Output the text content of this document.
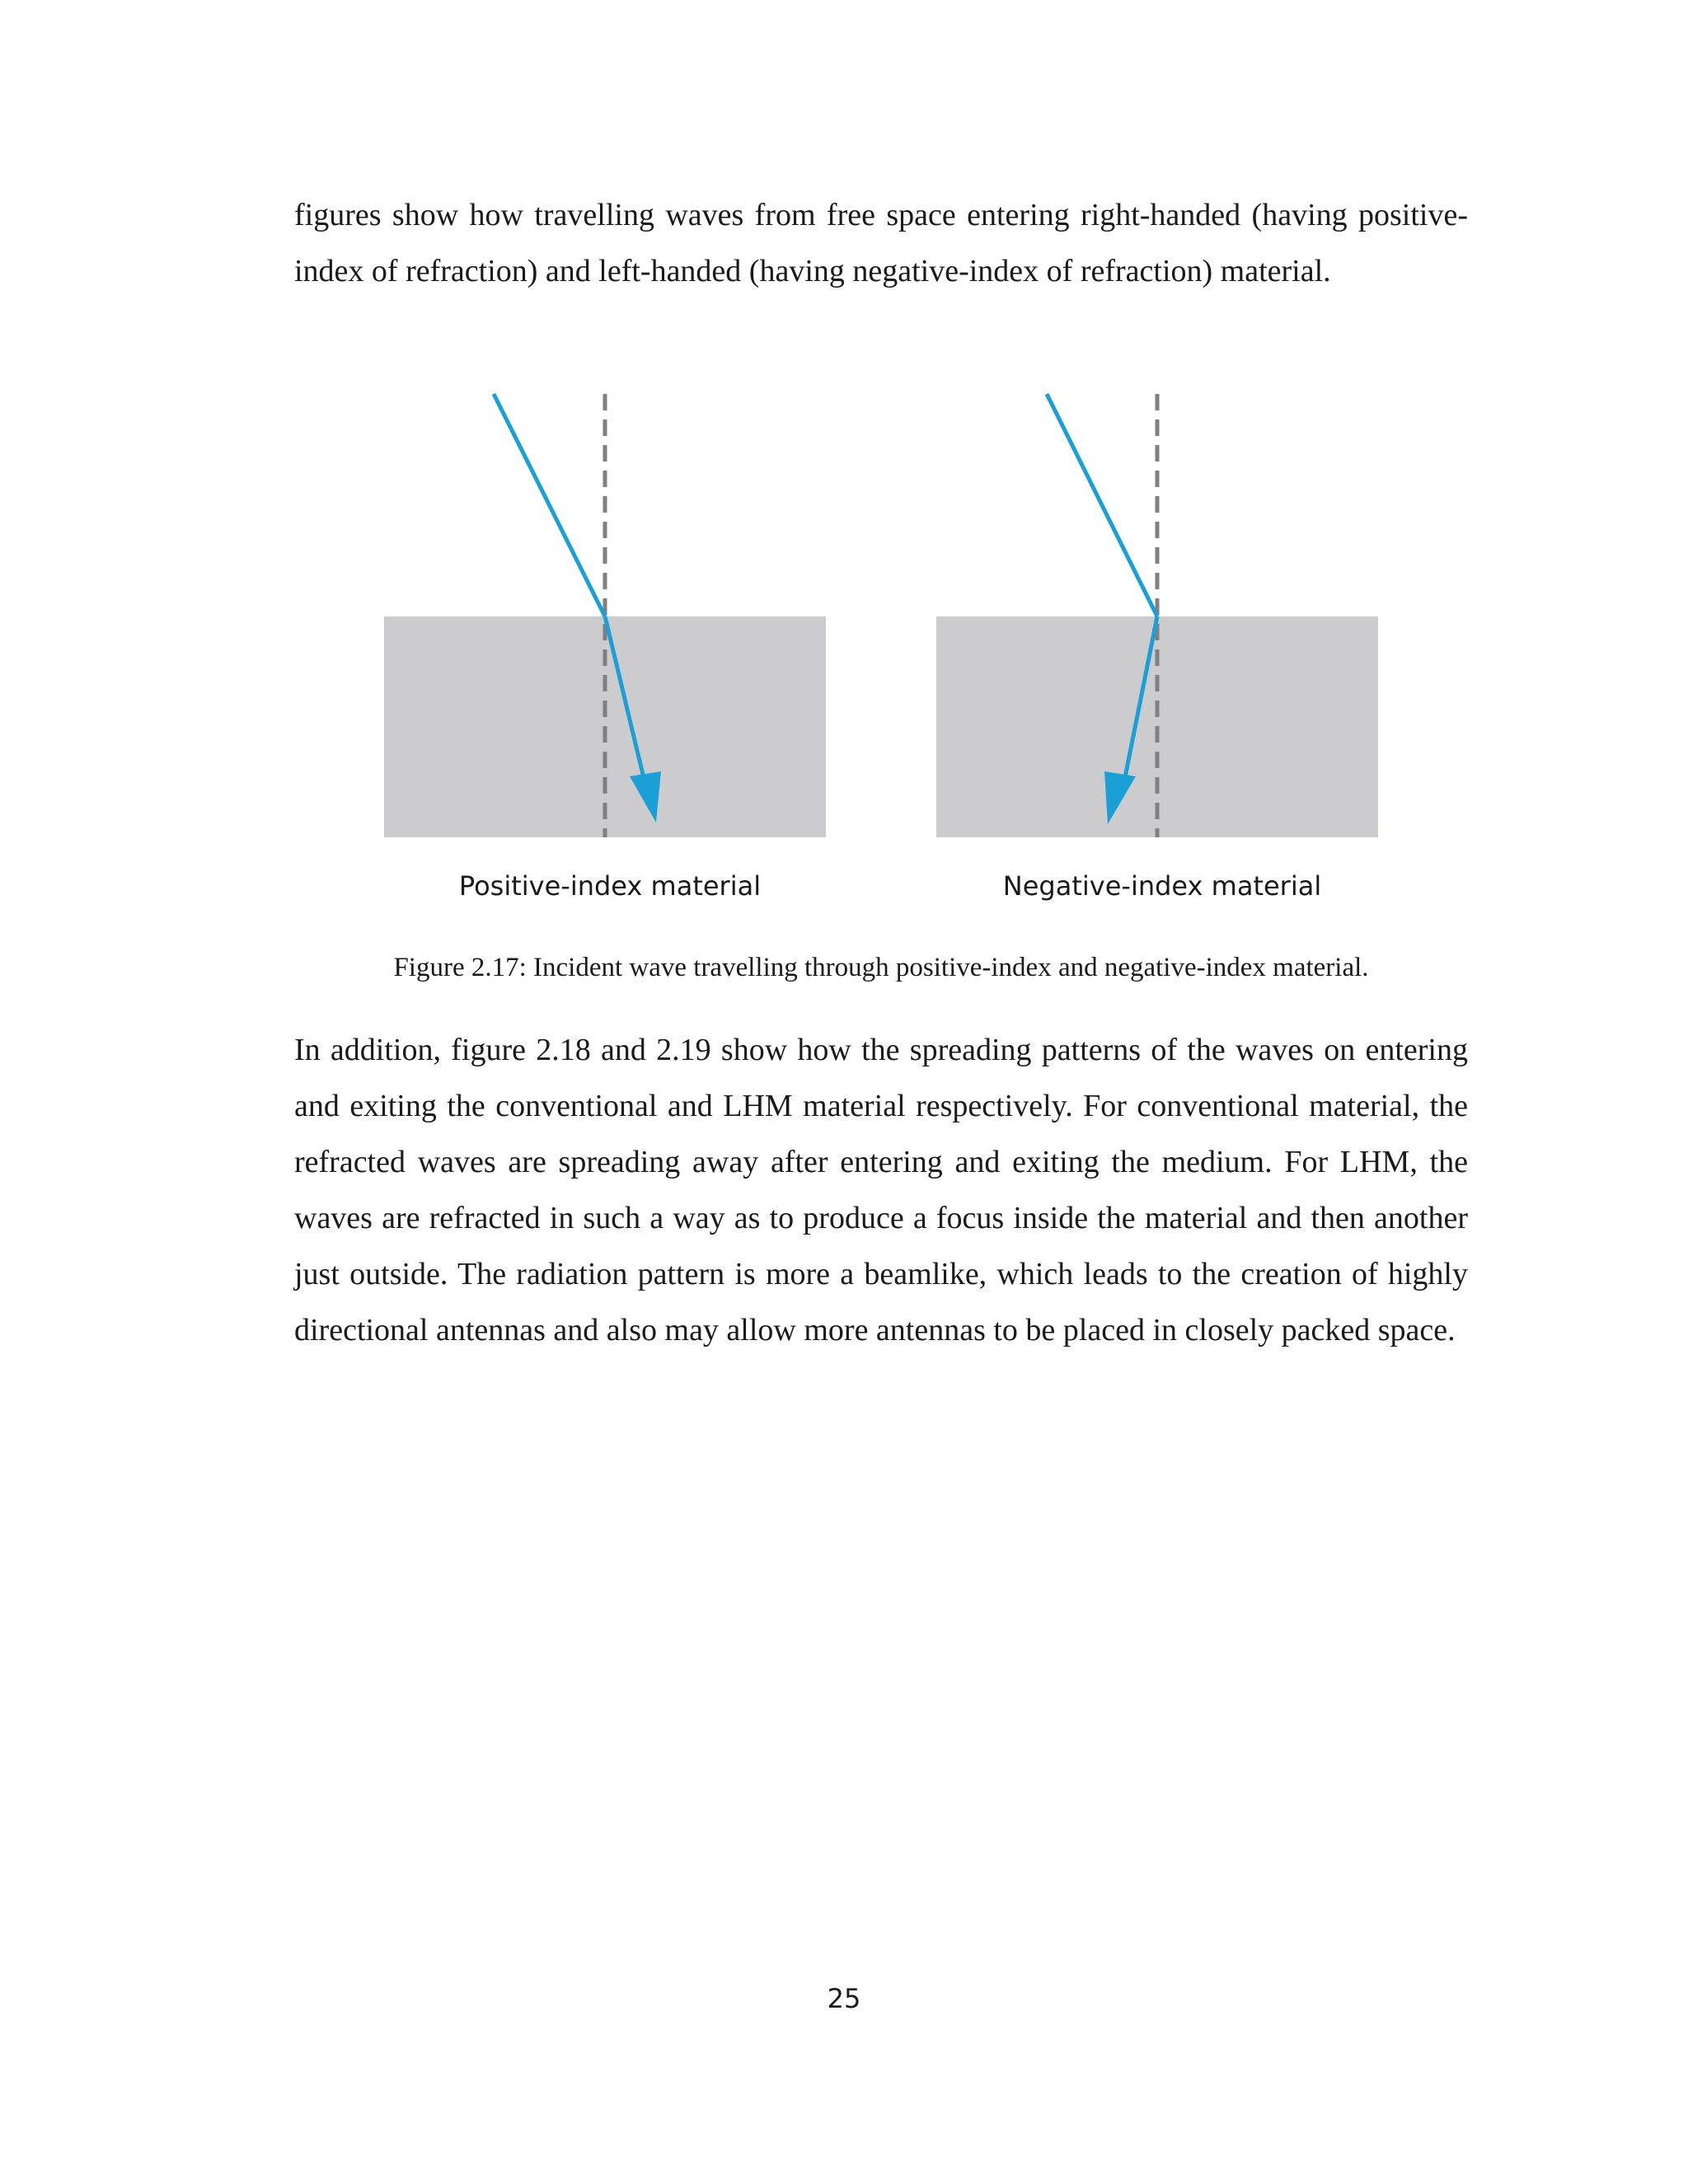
figures show how travelling waves from free space entering right-handed (having positive-index of refraction) and left-handed (having negative-index of refraction) material.

Positive-index material	Negative-index material
Figure 2.17: Incident wave travelling through positive-index and negative-index material.

In addition, figure 2.18 and 2.19 show how the spreading patterns of the waves on entering and exiting the conventional and LHM material respectively. For conventional material, the refracted waves are spreading away after entering and exiting the medium. For LHM, the waves are refracted in such a way as to produce a focus inside the material and then another just outside. The radiation pattern is more a beamlike, which leads to the creation of highly directional antennas and also may allow more antennas to be placed in closely packed space.

25
